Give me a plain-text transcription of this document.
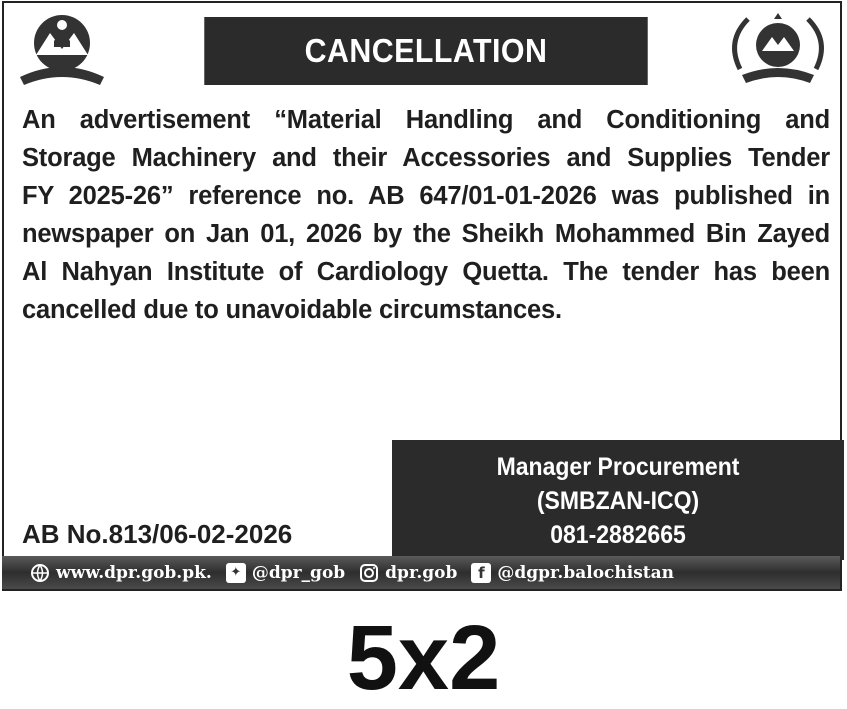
CANCELLATION
An advertisement “Material Handling and Conditioning and
Storage Machinery and their Accessories and Supplies Tender
FY 2025-26” reference no. AB 647/01-01-2026 was published in
newspaper on Jan 01, 2026 by the Sheikh Mohammed Bin Zayed
Al Nahyan Institute of Cardiology Quetta. The tender has been
cancelled due to unavoidable circumstances.
Manager Procurement
(SMBZAN-ICQ)
081-2882665
AB No.813/06-02-2026
www.dpr.gob.pk.	✦ @dpr_gob dpr.gob	f @dgpr.balochistan
5x2
